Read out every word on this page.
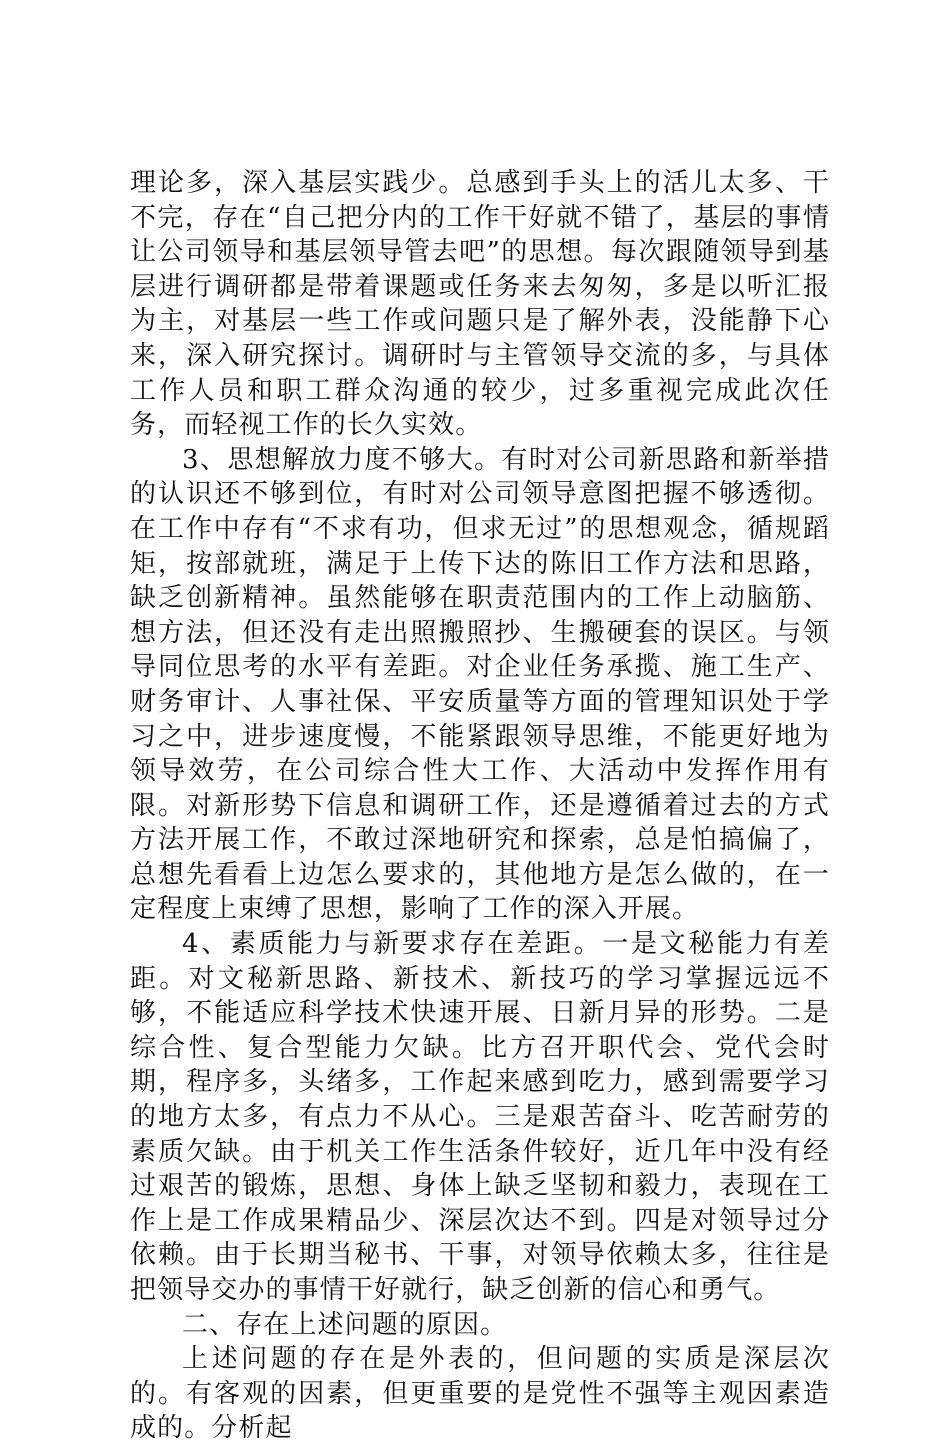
理论多，深入基层实践少。总感到手头上的活儿太多、干不完，存在“自己把分内的工作干好就不错了，基层的事情让公司领导和基层领导管去吧”的思想。每次跟随领导到基层进行调研都是带着课题或任务来去匆匆，多是以听汇报为主，对基层一些工作或问题只是了解外表，没能静下心来，深入研究探讨。调研时与主管领导交流的多，与具体工作人员和职工群众沟通的较少，过多重视完成此次任务，而轻视工作的长久实效。

3、思想解放力度不够大。有时对公司新思路和新举措的认识还不够到位，有时对公司领导意图把握不够透彻。在工作中存有“不求有功，但求无过”的思想观念，循规蹈矩，按部就班，满足于上传下达的陈旧工作方法和思路，缺乏创新精神。虽然能够在职责范围内的工作上动脑筋、想方法，但还没有走出照搬照抄、生搬硬套的误区。与领导同位思考的水平有差距。对企业任务承揽、施工生产、财务审计、人事社保、平安质量等方面的管理知识处于学习之中，进步速度慢，不能紧跟领导思维，不能更好地为领导效劳，在公司综合性大工作、大活动中发挥作用有限。对新形势下信息和调研工作，还是遵循着过去的方式方法开展工作，不敢过深地研究和探索，总是怕搞偏了，总想先看看上边怎么要求的，其他地方是怎么做的，在一定程度上束缚了思想，影响了工作的深入开展。

4、素质能力与新要求存在差距。一是文秘能力有差距。对文秘新思路、新技术、新技巧的学习掌握远远不够，不能适应科学技术快速开展、日新月异的形势。二是综合性、复合型能力欠缺。比方召开职代会、党代会时期，程序多，头绪多，工作起来感到吃力，感到需要学习的地方太多，有点力不从心。三是艰苦奋斗、吃苦耐劳的素质欠缺。由于机关工作生活条件较好，近几年中没有经过艰苦的锻炼，思想、身体上缺乏坚韧和毅力，表现在工作上是工作成果精品少、深层次达不到。四是对领导过分依赖。由于长期当秘书、干事，对领导依赖太多，往往是把领导交办的事情干好就行，缺乏创新的信心和勇气。

二、存在上述问题的原因。

上述问题的存在是外表的，但问题的实质是深层次的。有客观的因素，但更重要的是党性不强等主观因素造成的。分析起
